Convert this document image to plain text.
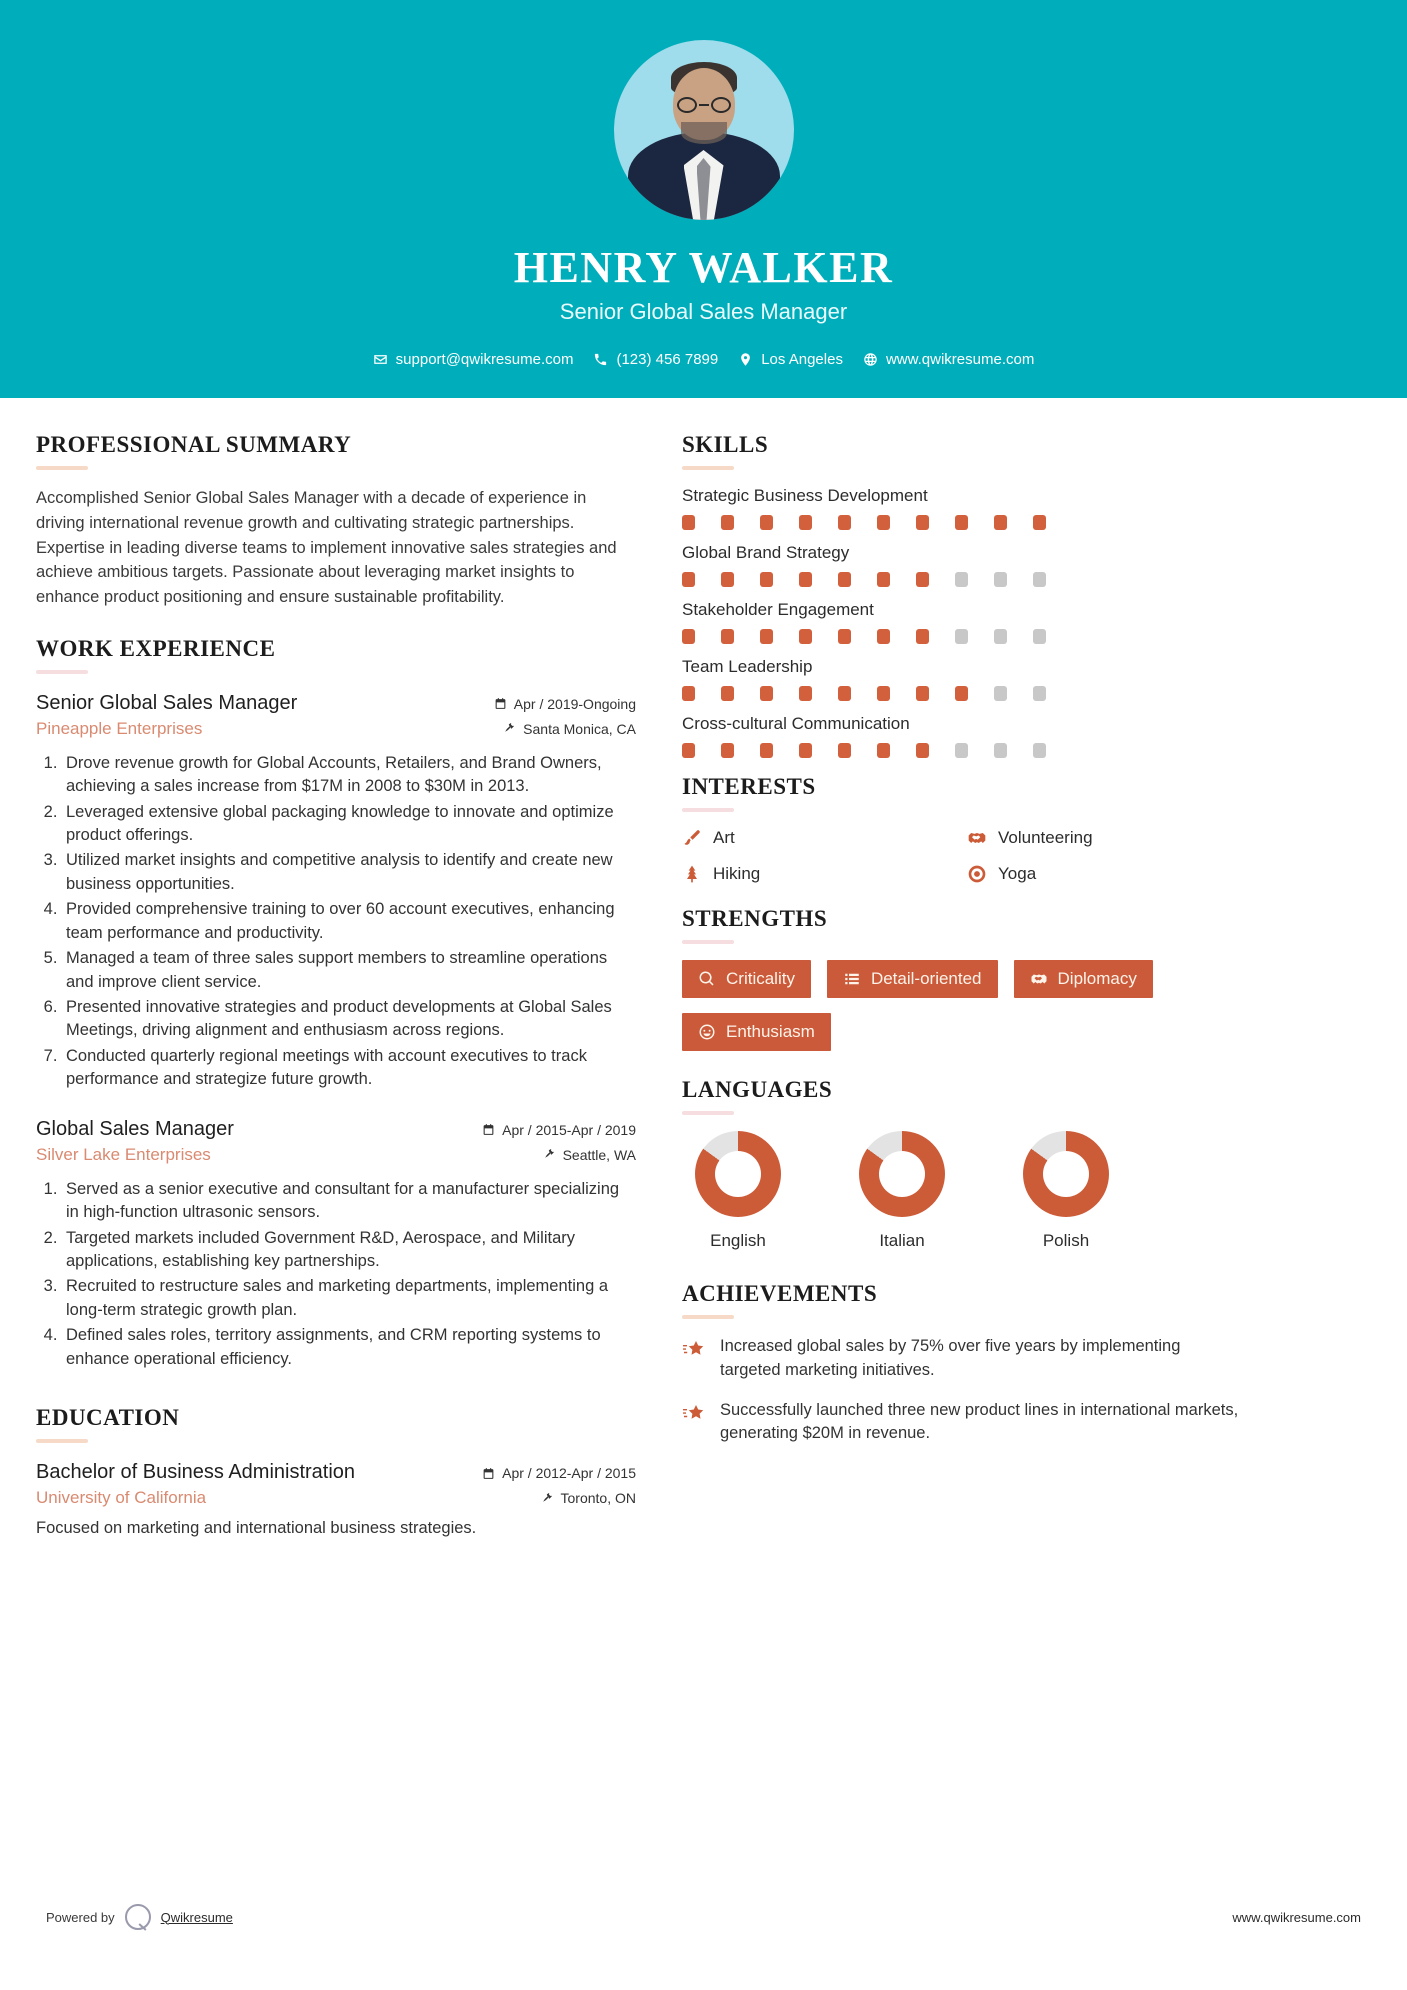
HENRY WALKER
Senior Global Sales Manager
support@qwikresume.com	(123) 456 7899	Los Angeles	www.qwikresume.com
PROFESSIONAL SUMMARY
Accomplished Senior Global Sales Manager with a decade of experience in driving international revenue growth and cultivating strategic partnerships. Expertise in leading diverse teams to implement innovative sales strategies and achieve ambitious targets. Passionate about leveraging market insights to enhance product positioning and ensure sustainable profitability.
WORK EXPERIENCE
Senior Global Sales Manager
Pineapple Enterprises
Apr / 2019-Ongoing
Santa Monica, CA
1. Drove revenue growth for Global Accounts, Retailers, and Brand Owners, achieving a sales increase from $17M in 2008 to $30M in 2013.
2. Leveraged extensive global packaging knowledge to innovate and optimize product offerings.
3. Utilized market insights and competitive analysis to identify and create new business opportunities.
4. Provided comprehensive training to over 60 account executives, enhancing team performance and productivity.
5. Managed a team of three sales support members to streamline operations and improve client service.
6. Presented innovative strategies and product developments at Global Sales Meetings, driving alignment and enthusiasm across regions.
7. Conducted quarterly regional meetings with account executives to track performance and strategize future growth.
Global Sales Manager
Silver Lake Enterprises
Apr / 2015-Apr / 2019
Seattle, WA
1. Served as a senior executive and consultant for a manufacturer specializing in high-function ultrasonic sensors.
2. Targeted markets included Government R&D, Aerospace, and Military applications, establishing key partnerships.
3. Recruited to restructure sales and marketing departments, implementing a long-term strategic growth plan.
4. Defined sales roles, territory assignments, and CRM reporting systems to enhance operational efficiency.
EDUCATION
Bachelor of Business Administration
University of California
Apr / 2012-Apr / 2015
Toronto, ON
Focused on marketing and international business strategies.
SKILLS
Strategic Business Development
Global Brand Strategy
Stakeholder Engagement
Team Leadership
Cross-cultural Communication
INTERESTS
Art	Volunteering
Hiking	Yoga
STRENGTHS
Criticality	Detail-oriented	Diplomacy
Enthusiasm
LANGUAGES
English	Italian	Polish
ACHIEVEMENTS
Increased global sales by 75% over five years by implementing targeted marketing initiatives.
Successfully launched three new product lines in international markets, generating $20M in revenue.
Powered by	Qwikresume	www.qwikresume.com
